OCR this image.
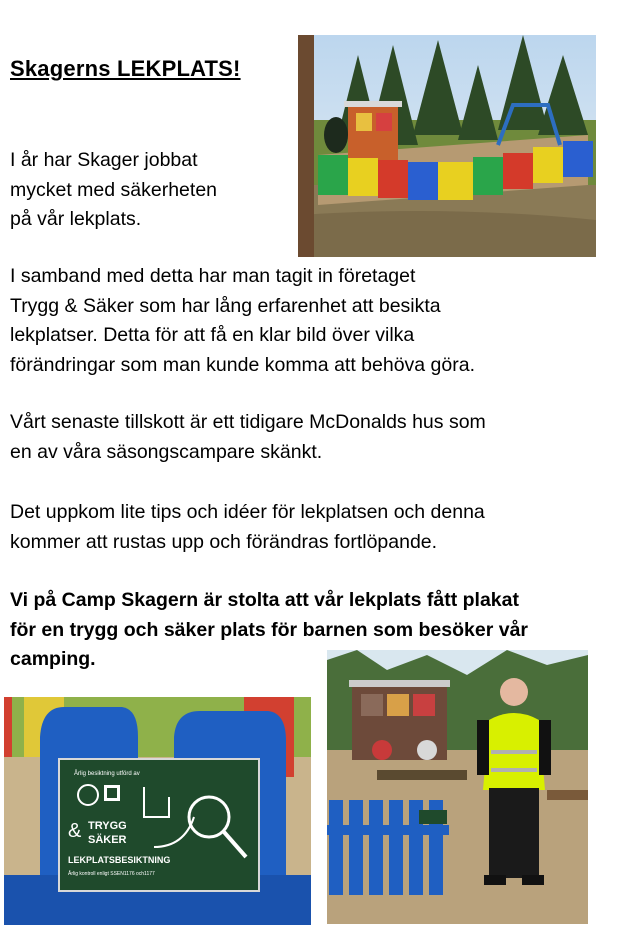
Skagerns LEKPLATS!
I år har Skager jobbat
mycket med säkerheten
på vår lekplats.
I samband med detta har man tagit in företaget
Trygg & Säker som har lång erfarenhet att besikta
lekplatser. Detta för att få en klar bild över vilka
förändringar som man kunde komma att behöva göra.
Vårt senaste tillskott är ett tidigare McDonalds hus som
en av våra säsongscampare skänkt.
Det uppkom lite tips och idéer för lekplatsen och denna
kommer att rustas upp och förändras fortlöpande.
Vi på Camp Skagern är stolta att vår lekplats fått plakat
för en trygg och säker plats för barnen som besöker vår
camping.
Årlig besiktning utförd av
& TRYGG
SÄKER
LEKPLATSBESIKTNING
Årlig kontroll enligt SSEN1176 och1177
